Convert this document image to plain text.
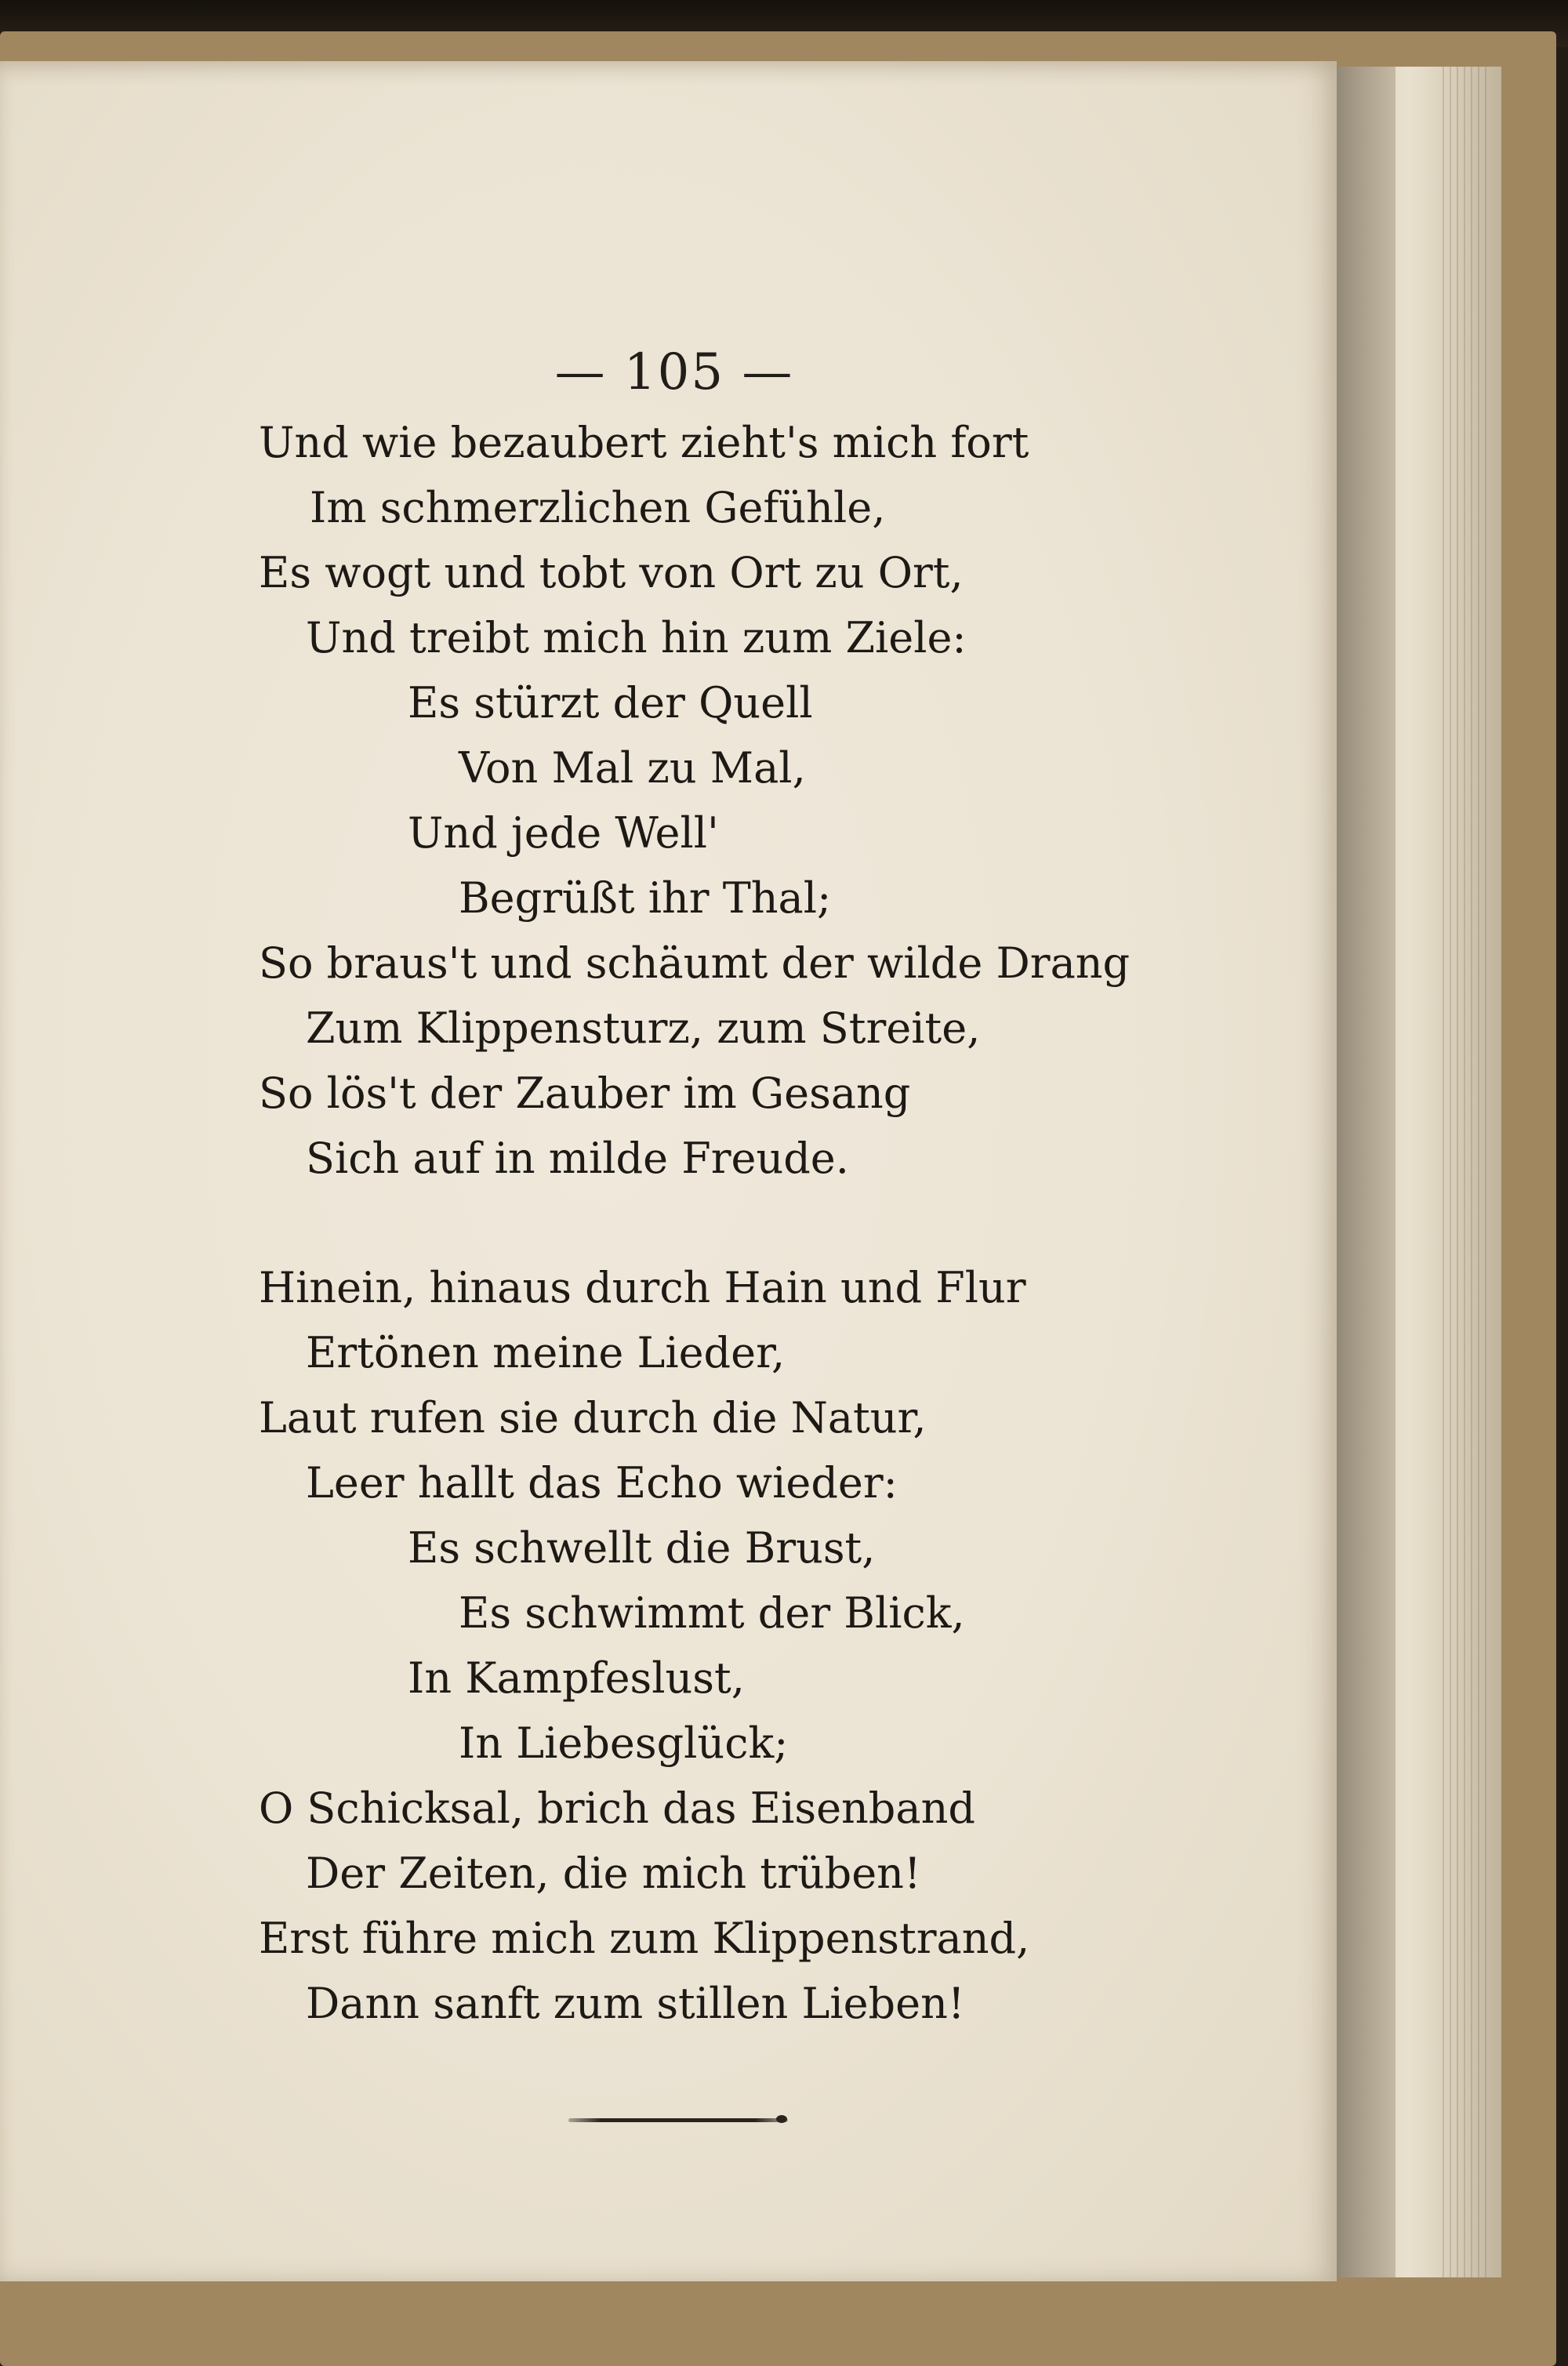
— 105 —
Und wie bezaubert zieht's mich fort
Im schmerzlichen Gefühle,
Es wogt und tobt von Ort zu Ort,
Und treibt mich hin zum Ziele:
Es stürzt der Quell
Von Mal zu Mal,
Und jede Well'
Begrüßt ihr Thal;
So braus't und schäumt der wilde Drang
Zum Klippensturz, zum Streite,
So lös't der Zauber im Gesang
Sich auf in milde Freude.
Hinein, hinaus durch Hain und Flur
Ertönen meine Lieder,
Laut rufen sie durch die Natur,
Leer hallt das Echo wieder:
Es schwellt die Brust,
Es schwimmt der Blick,
In Kampfeslust,
In Liebesglück;
O Schicksal, brich das Eisenband
Der Zeiten, die mich trüben!
Erst führe mich zum Klippenstrand,
Dann sanft zum stillen Lieben!
